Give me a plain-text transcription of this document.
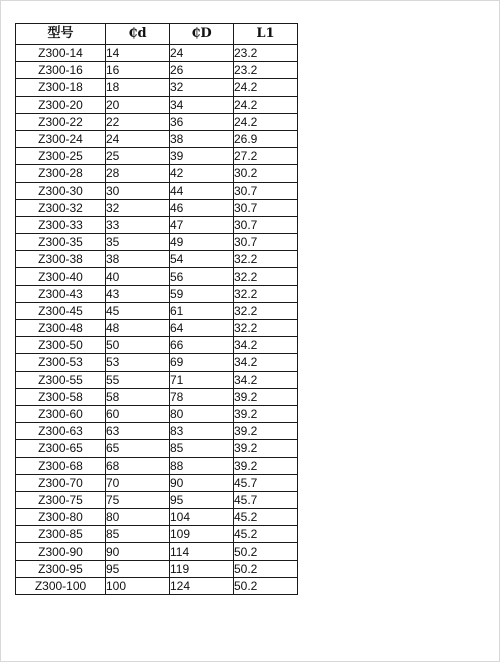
型号	₵d	₵D	L1
Z300-14	14	24	23.2
Z300-16	16	26	23.2
Z300-18	18	32	24.2
Z300-20	20	34	24.2
Z300-22	22	36	24.2
Z300-24	24	38	26.9
Z300-25	25	39	27.2
Z300-28	28	42	30.2
Z300-30	30	44	30.7
Z300-32	32	46	30.7
Z300-33	33	47	30.7
Z300-35	35	49	30.7
Z300-38	38	54	32.2
Z300-40	40	56	32.2
Z300-43	43	59	32.2
Z300-45	45	61	32.2
Z300-48	48	64	32.2
Z300-50	50	66	34.2
Z300-53	53	69	34.2
Z300-55	55	71	34.2
Z300-58	58	78	39.2
Z300-60	60	80	39.2
Z300-63	63	83	39.2
Z300-65	65	85	39.2
Z300-68	68	88	39.2
Z300-70	70	90	45.7
Z300-75	75	95	45.7
Z300-80	80	104	45.2
Z300-85	85	109	45.2
Z300-90	90	114	50.2
Z300-95	95	119	50.2
Z300-100	100	124	50.2
